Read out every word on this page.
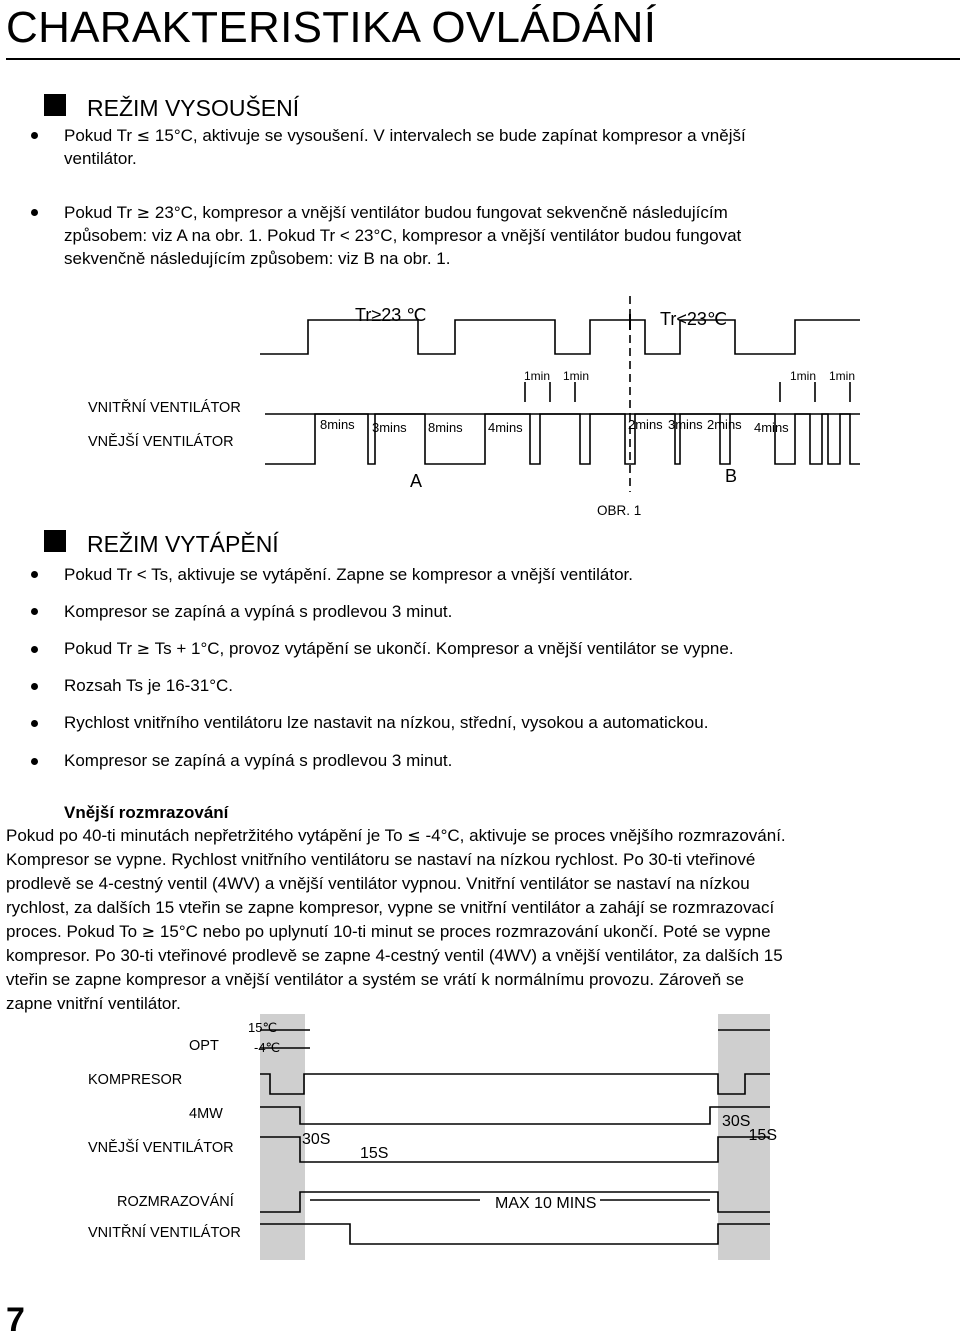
CHARAKTERISTIKA OVLÁDÁNÍ
REŽIM VYSOUŠENÍ
Pokud Tr ≤ 15°C, aktivuje se vysoušení. V intervalech se bude zapínat kompresor a vnější
ventilátor.
Pokud Tr ≥ 23°C, kompresor a vnější ventilátor budou fungovat sekvenčně následujícím
způsobem: viz A na obr. 1. Pokud Tr < 23°C, kompresor a vnější ventilátor budou fungovat
sekvenčně následujícím způsobem: viz B na obr. 1.
VNITŘNÍ VENTILÁTOR
VNĚJŠÍ VENTILÁTOR
Tr≥23 ℃	Tr<23℃
1min 1min	1min 1min
8mins 3mins 8mins 4mins	2mins 3mins 2mins 4mins
A	B
OBR. 1
REŽIM VYTÁPĚNÍ
Pokud Tr < Ts, aktivuje se vytápění. Zapne se kompresor a vnější ventilátor.
Kompresor se zapíná a vypíná s prodlevou 3 minut.
Pokud Tr ≥ Ts + 1°C, provoz vytápění se ukončí. Kompresor a vnější ventilátor se vypne.
Rozsah Ts je 16-31°C.
Rychlost vnitřního ventilátoru lze nastavit na nízkou, střední, vysokou a automatickou.
Kompresor se zapíná a vypíná s prodlevou 3 minut.
Vnější rozmrazování
Pokud po 40-ti minutách nepřetržitého vytápění je To ≤ -4°C, aktivuje se proces vnějšího rozmrazování.
Kompresor se vypne. Rychlost vnitřního ventilátoru se nastaví na nízkou rychlost. Po 30-ti vteřinové
prodlevě se 4-cestný ventil (4WV) a vnější ventilátor vypnou. Vnitřní ventilátor se nastaví na nízkou
rychlost, za dalších 15 vteřin se zapne kompresor, vypne se vnitřní ventilátor a zahájí se rozmrazovací
proces. Pokud To ≥ 15°C nebo po uplynutí 10-ti minut se proces rozmrazování ukončí. Poté se vypne
kompresor. Po 30-ti vteřinové prodlevě se zapne 4-cestný ventil (4WV) a vnější ventilátor, za dalších 15
vteřin se zapne kompresor a vnější ventilátor a systém se vrátí k normálnímu provozu. Zároveň se
zapne vnitřní ventilátor.
OPT
KOMPRESOR
4MW
VNĚJŠÍ VENTILÁTOR
ROZMRAZOVÁNÍ
VNITŘNÍ VENTILÁTOR
15℃
-4℃
30S
15S
30S
15S
MAX 10 MINS
7
